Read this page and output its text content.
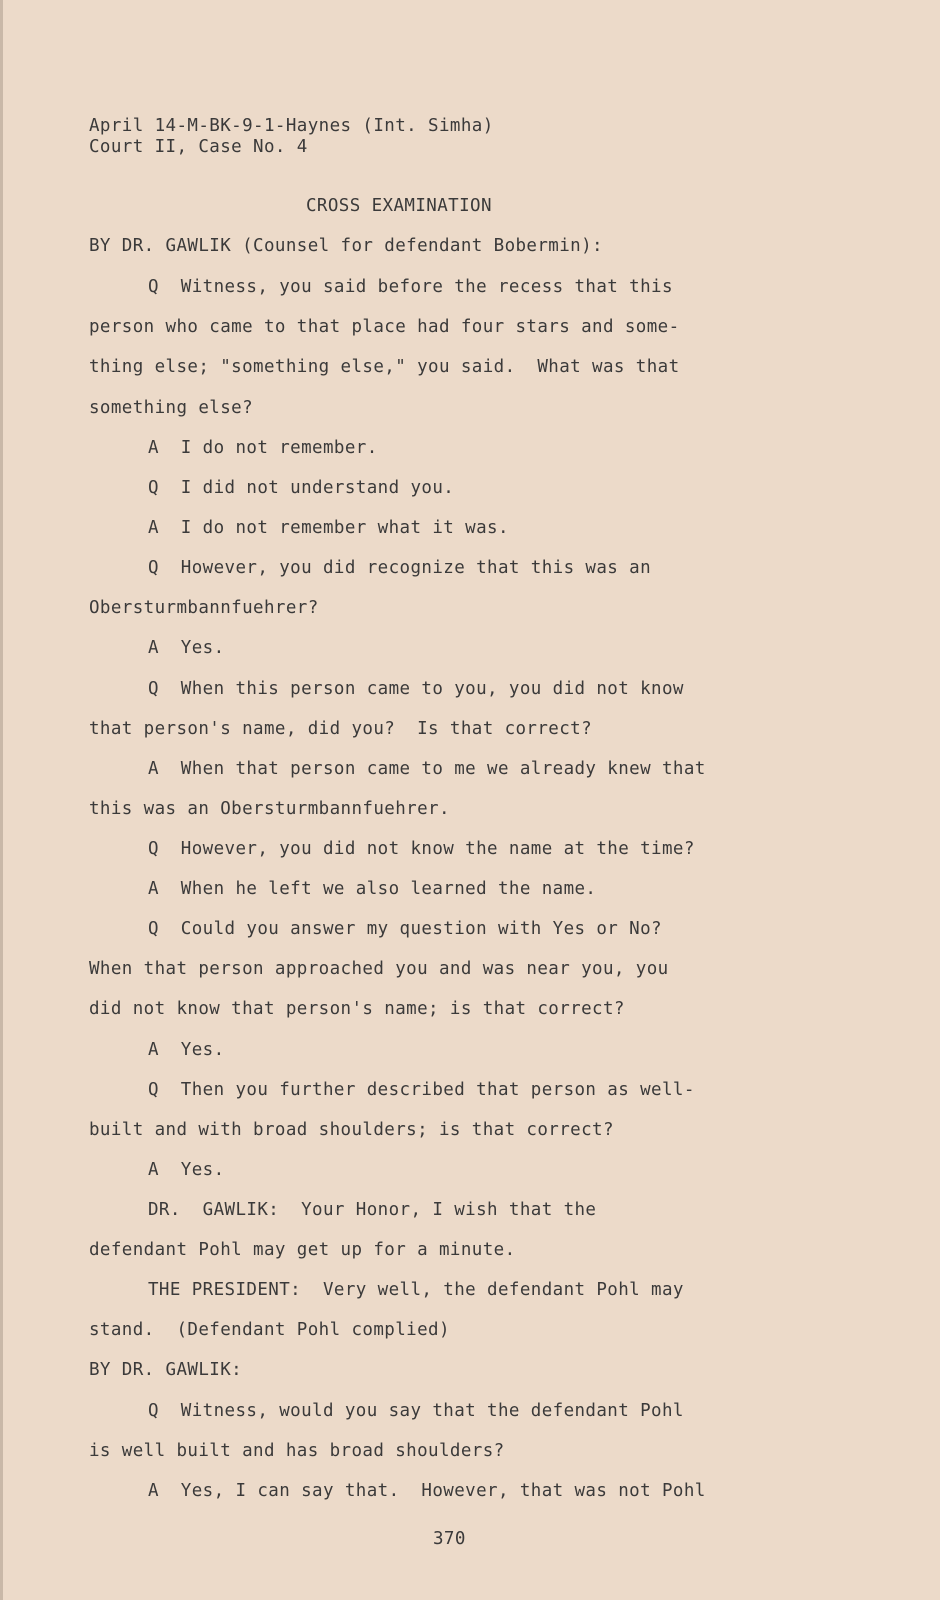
April 14-M-BK-9-1-Haynes (Int. Simha)
Court II, Case No. 4
CROSS EXAMINATION
BY DR. GAWLIK (Counsel for defendant Bobermin):
Q  Witness, you said before the recess that this
person who came to that place had four stars and some-
thing else; "something else," you said.  What was that
something else?
A  I do not remember.
Q  I did not understand you.
A  I do not remember what it was.
Q  However, you did recognize that this was an
Obersturmbannfuehrer?
A  Yes.
Q  When this person came to you, you did not know
that person's name, did you?  Is that correct?
A  When that person came to me we already knew that
this was an Obersturmbannfuehrer.
Q  However, you did not know the name at the time?
A  When he left we also learned the name.
Q  Could you answer my question with Yes or No?
When that person approached you and was near you, you
did not know that person's name; is that correct?
A  Yes.
Q  Then you further described that person as well-
built and with broad shoulders; is that correct?
A  Yes.
DR.  GAWLIK:  Your Honor, I wish that the
defendant Pohl may get up for a minute.
THE PRESIDENT:  Very well, the defendant Pohl may
stand.  (Defendant Pohl complied)
BY DR. GAWLIK:
Q  Witness, would you say that the defendant Pohl
is well built and has broad shoulders?
A  Yes, I can say that.  However, that was not Pohl
370
